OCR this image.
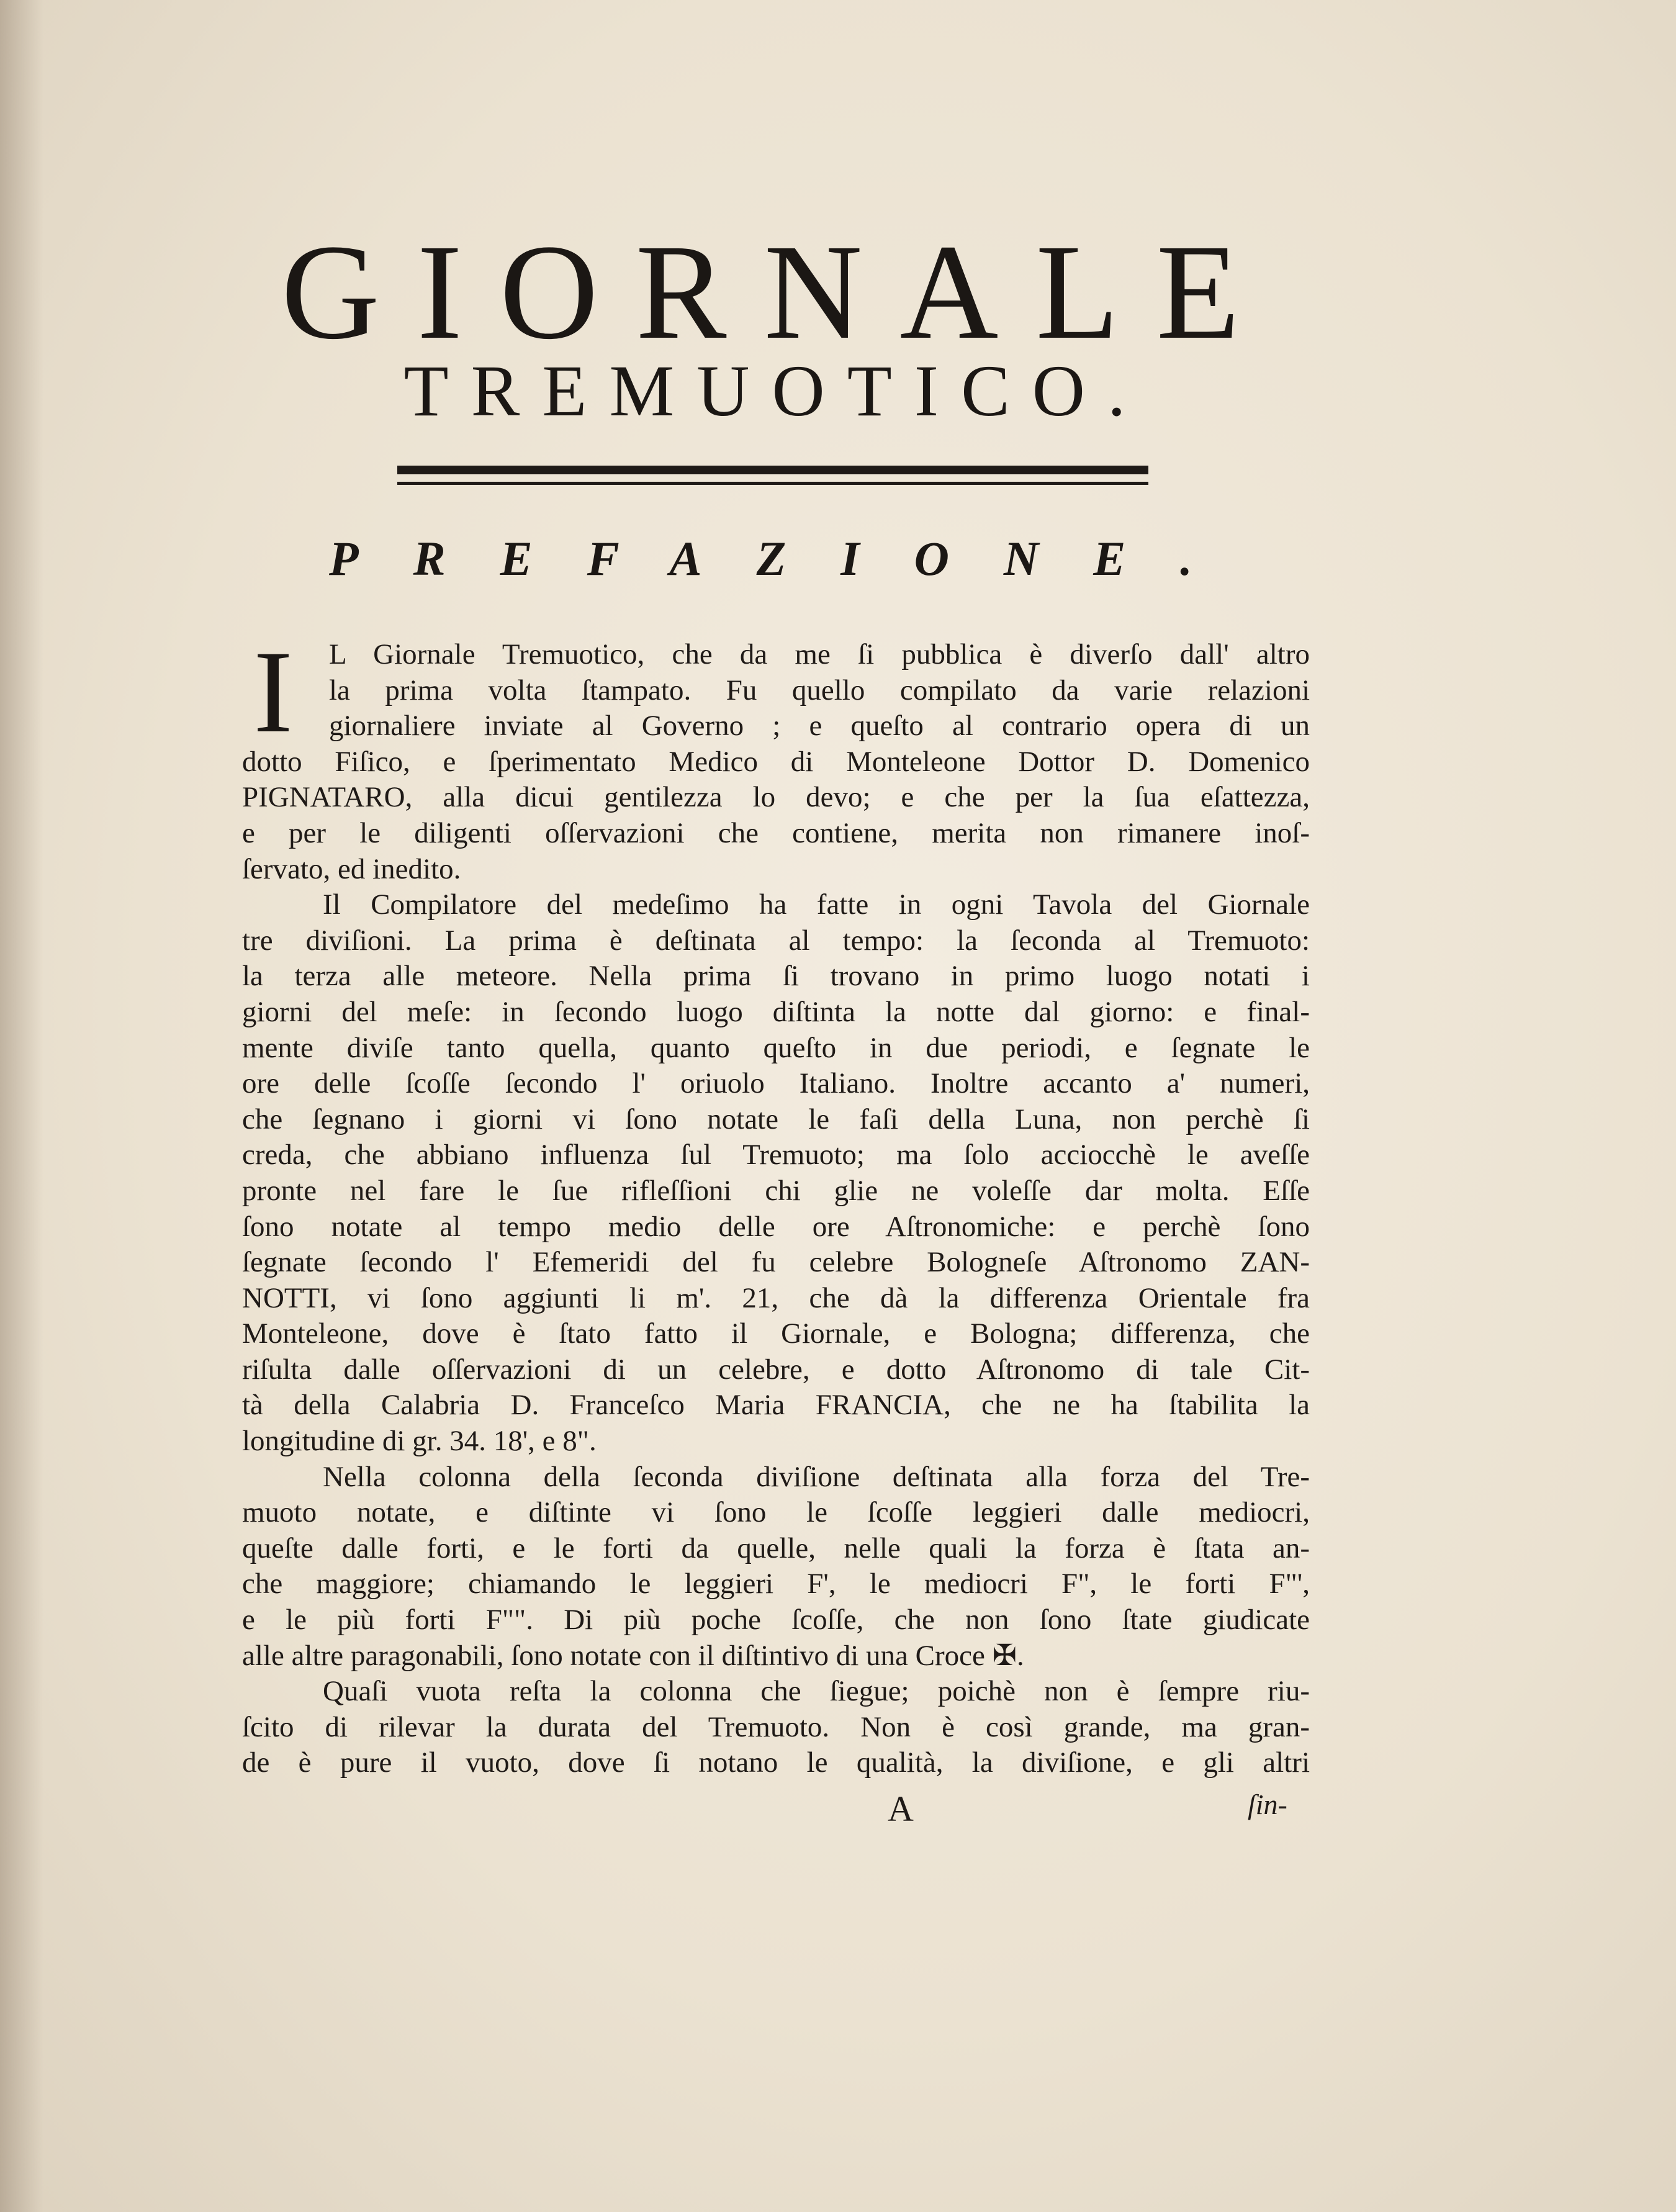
GIORNALE
TREMUOTICO.
PREFAZIONE.
I	L Giornale Tremuotico, che da me ſi pubblica è diverſo dall' altro
la prima volta ſtampato. Fu quello compilato da varie relazioni
giornaliere inviate al Governo ; e queſto al contrario opera di un
dotto Fiſico, e ſperimentato Medico di Monteleone Dottor D. Domenico
PIGNATARO, alla dicui gentilezza lo devo; e che per la ſua eſattezza,
e per le diligenti oſſervazioni che contiene, merita non rimanere inoſ-
ſervato, ed inedito.
Il Compilatore del medeſimo ha fatte in ogni Tavola del Giornale
tre diviſioni. La prima è deſtinata al tempo: la ſeconda al Tremuoto:
la terza alle meteore. Nella prima ſi trovano in primo luogo notati i
giorni del meſe: in ſecondo luogo diſtinta la notte dal giorno: e final-
mente diviſe tanto quella, quanto queſto in due periodi, e ſegnate le
ore delle ſcoſſe ſecondo l' oriuolo Italiano. Inoltre accanto a' numeri,
che ſegnano i giorni vi ſono notate le faſi della Luna, non perchè ſi
creda, che abbiano influenza ſul Tremuoto; ma ſolo acciocchè le aveſſe
pronte nel fare le ſue rifleſſioni chi glie ne voleſſe dar molta. Eſſe
ſono notate al tempo medio delle ore Aſtronomiche: e perchè ſono
ſegnate ſecondo l' Efemeridi del fu celebre Bologneſe Aſtronomo ZAN-
NOTTI, vi ſono aggiunti li m'. 21, che dà la differenza Orientale fra
Monteleone, dove è ſtato fatto il Giornale, e Bologna; differenza, che
riſulta dalle oſſervazioni di un celebre, e dotto Aſtronomo di tale Cit-
tà della Calabria D. Franceſco Maria FRANCIA, che ne ha ſtabilita la
longitudine di gr. 34. 18', e 8".
Nella colonna della ſeconda diviſione deſtinata alla forza del Tre-
muoto notate, e diſtinte vi ſono le ſcoſſe leggieri dalle mediocri,
queſte dalle forti, e le forti da quelle, nelle quali la forza è ſtata an-
che maggiore; chiamando le leggieri F', le mediocri F", le forti F"',
e le più forti F"". Di più poche ſcoſſe, che non ſono ſtate giudicate
alle altre paragonabili, ſono notate con il diſtintivo di una Croce ✠.
Quaſi vuota reſta la colonna che ſiegue; poichè non è ſempre riu-
ſcito di rilevar la durata del Tremuoto. Non è così grande, ma gran-
de è pure il vuoto, dove ſi notano le qualità, la diviſione, e gli altri
A	ſin-
